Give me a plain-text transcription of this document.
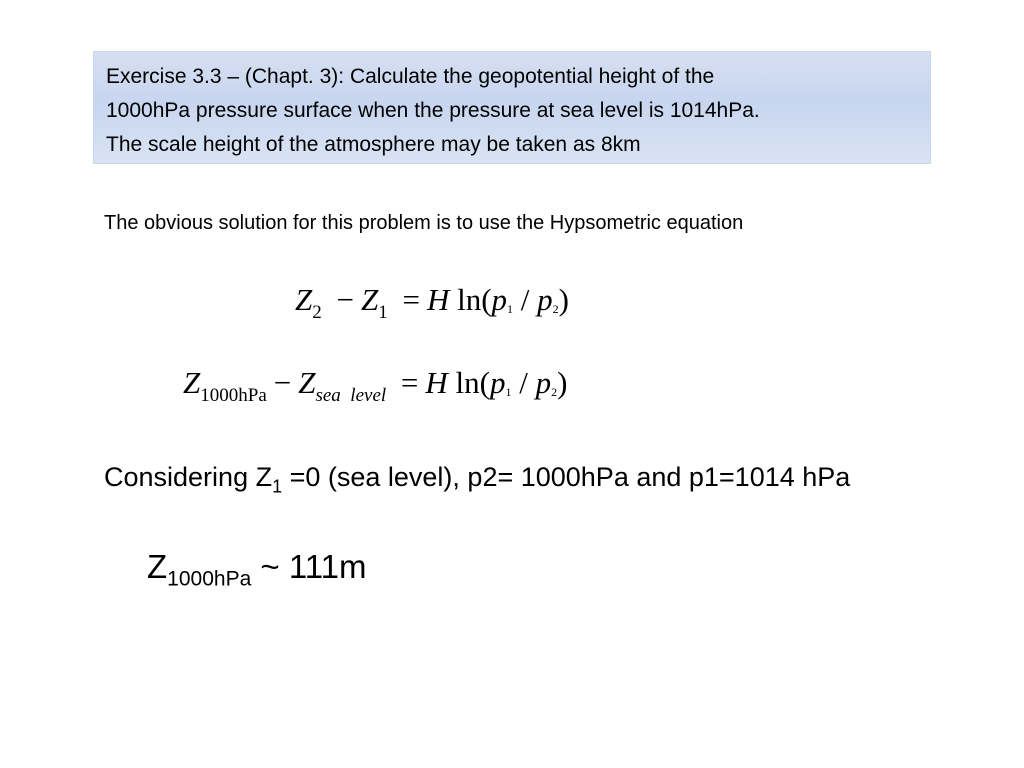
Exercise 3.3 – (Chapt. 3): Calculate the geopotential height of the
1000hPa pressure surface when the pressure at sea level is 1014hPa.
The scale height of the atmosphere may be taken as 8km

The obvious solution for this problem is to use the Hypsometric equation

$Z_2 - Z_1 = H$ ln(p1 / p2)
$Z_{1000hPa} - Z_{sea level} = H$ ln(p1 / p2)

Considering $Z_1 =0$ (sea level), p2= 1000hPa and p1=1014 hPa

$Z_{1000hPa}$ ~ 111m
